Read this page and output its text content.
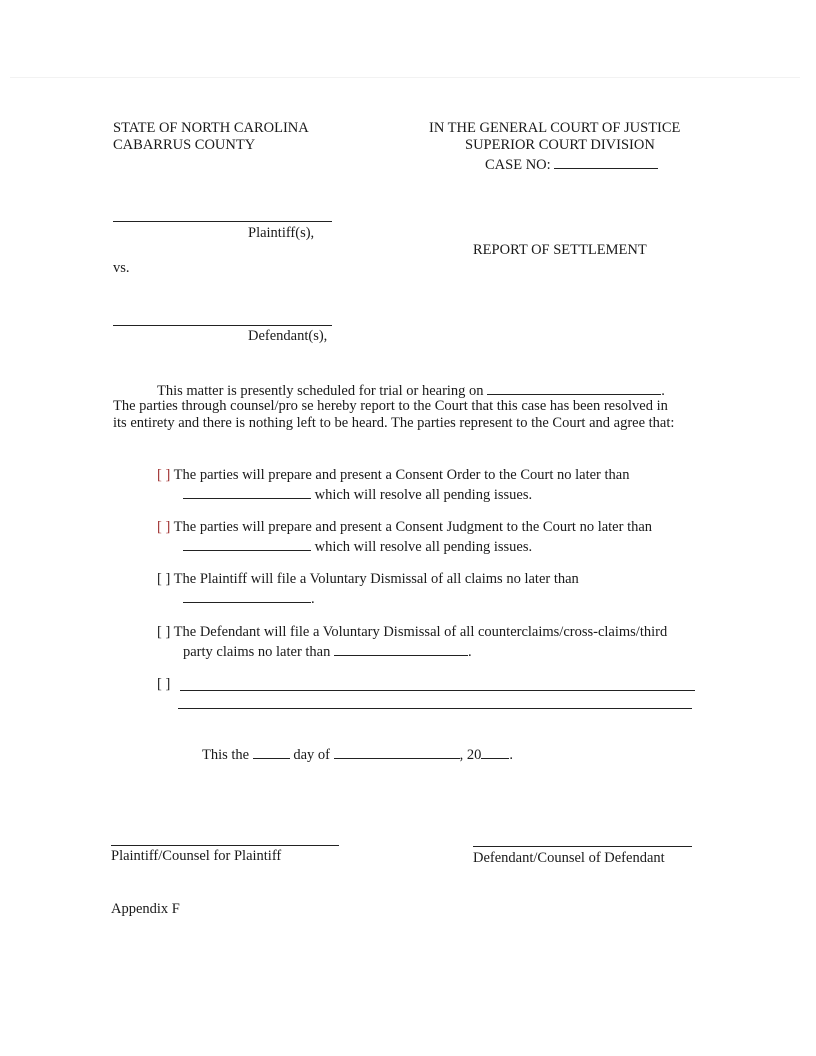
STATE OF NORTH CAROLINA
CABARRUS COUNTY
IN THE GENERAL COURT OF JUSTICE
SUPERIOR COURT DIVISION
CASE NO:
Plaintiff(s),
REPORT OF SETTLEMENT
vs.
Defendant(s),
This matter is presently scheduled for trial or hearing on	.
The parties through counsel/pro se hereby report to the Court that this case has been resolved in
its entirety and there is nothing left to be heard. The parties represent to the Court and agree that:
[ ] The parties will prepare and present a Consent Order to the Court no later than
which will resolve all pending issues.
[ ] The parties will prepare and present a Consent Judgment to the Court no later than
which will resolve all pending issues.
[ ] The Plaintiff will file a Voluntary Dismissal of all claims no later than
.
[ ] The Defendant will file a Voluntary Dismissal of all counterclaims/cross-claims/third
party claims no later than	.
[ ]
This the	day of	, 20 .
Plaintiff/Counsel for Plaintiff	Defendant/Counsel of Defendant
Appendix F
